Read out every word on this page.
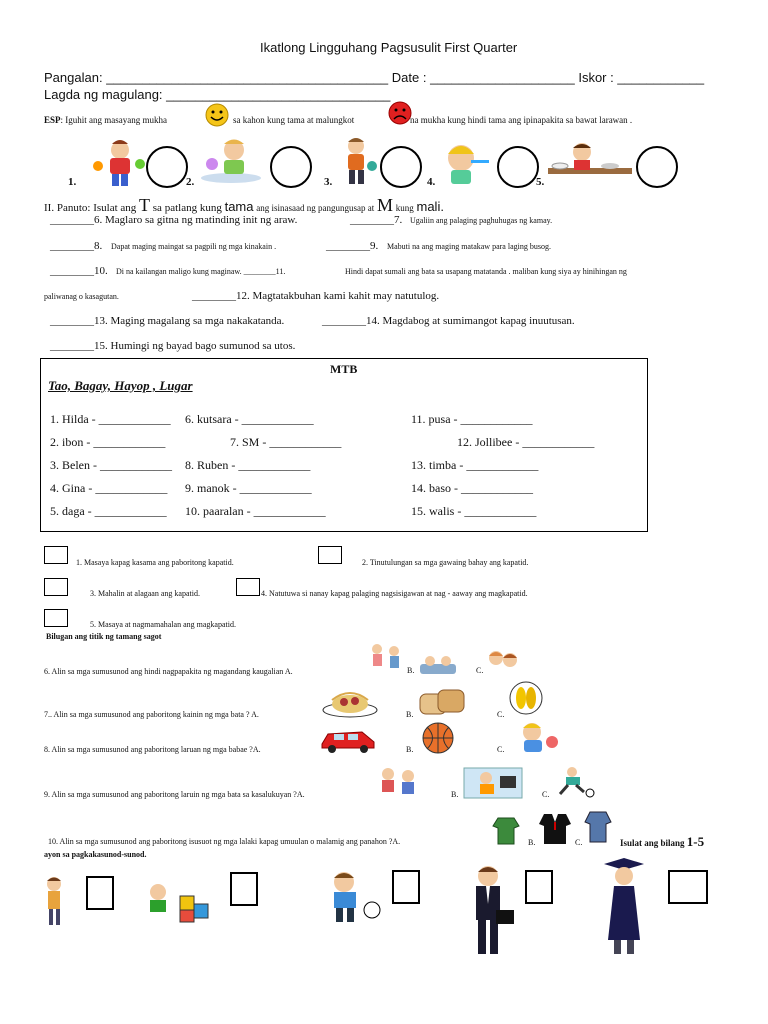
Ikatlong Lingguhang Pagsusulit First Quarter
Pangalan: _______________________________________ Date : ____________________ Iskor : ____________
Lagda ng magulang: _______________________________
ESP: Iguhit ang masayang mukha	sa kahon kung tama at malungkot	na mukha kung hindi tama ang ipinapakita sa bawat larawan .
1.	2.	3.	4.	5.
II. Panuto: Isulat ang T sa patlang kung tama ang isinasaad ng pangungusap at M kung mali.
________6. Maglaro sa gitna ng matinding init ng araw.	________7. Ugaliin ang palaging paghuhugas ng kamay.
________8. Dapat maging maingat sa pagpili ng mga kinakain .	________9. Mabuti na ang maging matakaw para laging busog.
________10. Di na kailangan maligo kung maginaw. ________11.	Hindi dapat sumali ang bata sa usapang matatanda . maliban kung siya ay hinihingan ng
paliwanag o kasagutan.	________12. Magtatakbuhan kami kahit may natutulog.
________13. Maging magalang sa mga nakakatanda.	________14. Magdabog at sumimangot kapag inuutusan.
________15. Humingi ng bayad bago sumunod sa utos.
MTB
Tao, Bagay, Hayop , Lugar
1. Hilda - ____________ 6. kutsara - ____________	11. pusa - ____________
2. ibon - ____________	7. SM - ____________	12. Jollibee - ____________
3. Belen - ____________ 8. Ruben - ____________	13. timba - ____________
4. Gina - ____________ 9. manok - ____________	14. baso - ____________
5. daga - ____________ 10. paaralan - ____________	15. walis - ____________
1. Masaya kapag kasama ang paboritong kapatid.	2. Tinutulungan sa mga gawaing bahay ang kapatid.
3. Mahalin at alagaan ang kapatid.	4. Natutuwa si nanay kapag palaging nagsisigawan at nag - aaway ang magkapatid.
5. Masaya at nagmamahalan ang magkapatid.
Bilugan ang titik ng tamang sagot
6. Alin sa mga sumusunod ang hindi nagpapakita ng magandang kaugalian A.	B.	C.
7.. Alin sa mga sumusunod ang paboritong kainin ng mga bata ? A.	B.	C.
8. Alin sa mga sumusunod ang paboritong laruan ng mga babae ?A.	B.	C.
9. Alin sa mga sumusunod ang paboritong laruin ng mga bata sa kasalukuyan ?A.	B.	C.
10. Alin sa mga sumusunod ang paboritong isusuot ng mga lalaki kapag umuulan o malamig ang panahon ?A.	B.	C.	Isulat ang bilang 1-5
ayon sa pagkakasunod-sunod.
